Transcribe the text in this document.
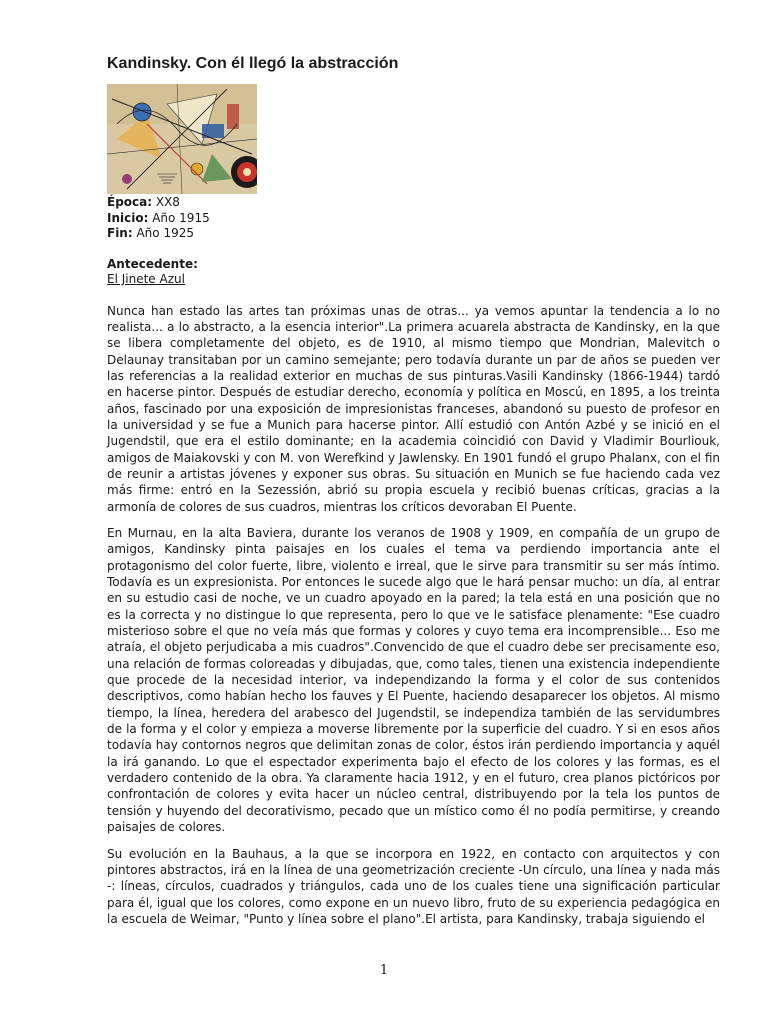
Kandinsky. Con él llegó la abstracción
Época: XX8
Inicio: Año 1915
Fin: Año 1925
Antecedente:
El Jinete Azul

Nunca han estado las artes tan próximas unas de otras... ya vemos apuntar la tendencia a lo no realista... a lo abstracto, a la esencia interior".La primera acuarela abstracta de Kandinsky, en la que se libera completamente del objeto, es de 1910, al mismo tiempo que Mondrian, Malevitch o Delaunay transitaban por un camino semejante; pero todavía durante un par de años se pueden ver las referencias a la realidad exterior en muchas de sus pinturas.Vasili Kandinsky (1866-1944) tardó en hacerse pintor. Después de estudiar derecho, economía y política en Moscú, en 1895, a los treinta años, fascinado por una exposición de impresionistas franceses, abandonó su puesto de profesor en la universidad y se fue a Munich para hacerse pintor. Allí estudió con Antón Azbé y se inició en el Jugendstil, que era el estilo dominante; en la academia coincidió con David y Vladimir Bourliouk, amigos de Maiakovski y con M. von Werefkind y Jawlensky. En 1901 fundó el grupo Phalanx, con el fin de reunir a artistas jóvenes y exponer sus obras. Su situación en Munich se fue haciendo cada vez más firme: entró en la Sezessión, abrió su propia escuela y recibió buenas críticas, gracias a la armonía de colores de sus cuadros, mientras los críticos devoraban El Puente.

En Murnau, en la alta Baviera, durante los veranos de 1908 y 1909, en compañía de un grupo de amigos, Kandinsky pinta paisajes en los cuales el tema va perdiendo importancia ante el protagonismo del color fuerte, libre, violento e irreal, que le sirve para transmitir su ser más íntimo. Todavía es un expresionista. Por entonces le sucede algo que le hará pensar mucho: un día, al entrar en su estudio casi de noche, ve un cuadro apoyado en la pared; la tela está en una posición que no es la correcta y no distingue lo que representa, pero lo que ve le satisface plenamente: "Ese cuadro misterioso sobre el que no veía más que formas y colores y cuyo tema era incomprensible... Eso me atraía, el objeto perjudicaba a mis cuadros".Convencido de que el cuadro debe ser precisamente eso, una relación de formas coloreadas y dibujadas, que, como tales, tienen una existencia independiente que procede de la necesidad interior, va independizando la forma y el color de sus contenidos descriptivos, como habían hecho los fauves y El Puente, haciendo desaparecer los objetos. Al mismo tiempo, la línea, heredera del arabesco del Jugendstil, se independiza también de las servidumbres de la forma y el color y empieza a moverse libremente por la superficie del cuadro. Y si en esos años todavía hay contornos negros que delimitan zonas de color, éstos irán perdiendo importancia y aquél la irá ganando. Lo que el espectador experimenta bajo el efecto de los colores y las formas, es el verdadero contenido de la obra. Ya claramente hacia 1912, y en el futuro, crea planos pictóricos por confrontación de colores y evita hacer un núcleo central, distribuyendo por la tela los puntos de tensión y huyendo del decorativismo, pecado que un místico como él no podía permitirse, y creando paisajes de colores.

Su evolución en la Bauhaus, a la que se incorpora en 1922, en contacto con arquitectos y con pintores abstractos, irá en la línea de una geometrización creciente -Un círculo, una línea y nada más -: líneas, círculos, cuadrados y triángulos, cada uno de los cuales tiene una significación particular para él, igual que los colores, como expone en un nuevo libro, fruto de su experiencia pedagógica en la escuela de Weimar, "Punto y línea sobre el plano".El artista, para Kandinsky, trabaja siguiendo el

1
